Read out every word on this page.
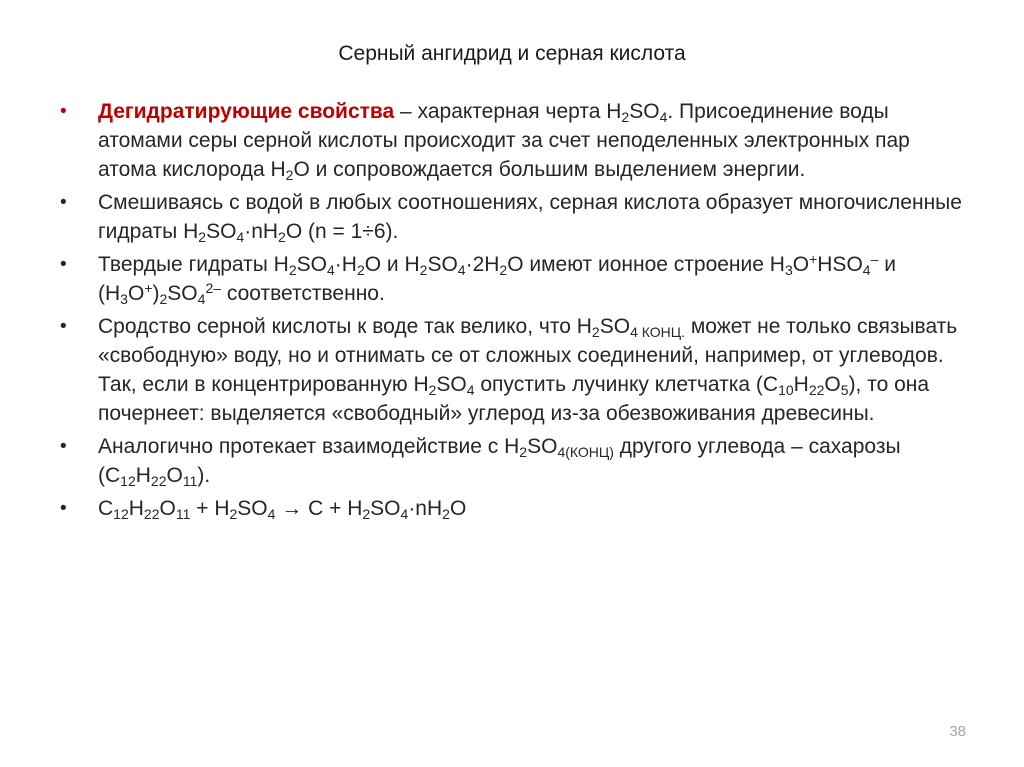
Серный ангидрид и серная кислота
•	Дегидратирующие свойства – характерная черта $H_2SO_4$. Присоединение воды атомами серы серной кислоты происходит за счет неподеленных электронных пар атома кислорода $H_2O$ и сопровождается большим выделением энергии.
•	Смешиваясь с водой в любых соотношениях, серная кислота образует многочисленные гидраты $H_2SO_4\cdot nH_2O$ (n = 1÷6).
•	Твердые гидраты $H_2SO_4\cdot H_2O$ и $H_2SO_4\cdot 2H_2O$ имеют ионное строение $H_3O^+HSO_4^-$ и $(H_3O^+)_2SO_4^{2-}$ соответственно.
•	Сродство серной кислоты к воде так велико, что $H_2SO_{4 КОНЦ.}$ может не только связывать «свободную» воду, но и отнимать се от сложных соединений, например, от углеводов. Так, если в концентрированную $H_2SO_4$ опустить лучинку клетчатка $(C_{10}H_{22}O_5)$, то она почернеет: выделяется «свободный» углерод из-за обезвоживания древесины.
•	Аналогично протекает взаимодействие с $H_2SO_{4(КОНЦ)}$ другого углевода – сахарозы $(C_{12}H_{22}O_{11})$.
•	$C_{12}H_{22}O_{11} + H_2SO_4 \to C + H_2SO_4\cdot nH_2O$
38
